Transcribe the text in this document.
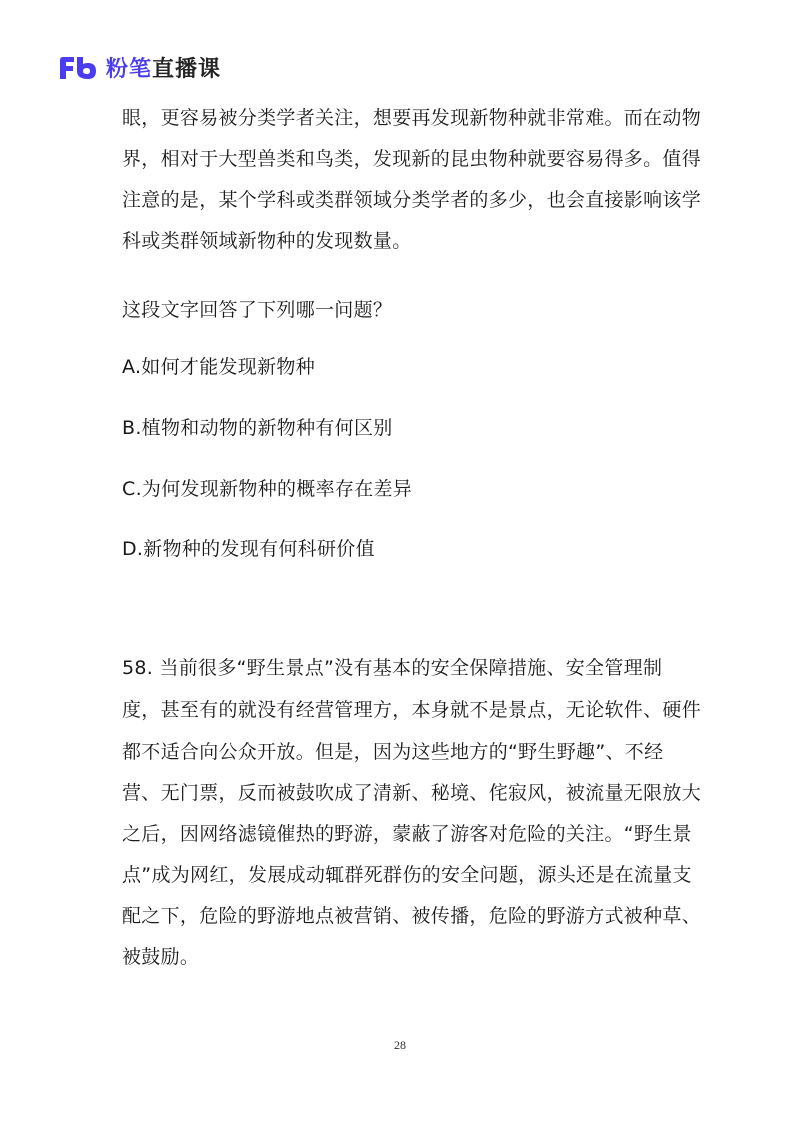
粉笔 直播课
眼，更容易被分类学者关注，想要再发现新物种就非常难。而在动物
界，相对于大型兽类和鸟类，发现新的昆虫物种就要容易得多。值得
注意的是，某个学科或类群领域分类学者的多少，也会直接影响该学
科或类群领域新物种的发现数量。
这段文字回答了下列哪一问题？
A.如何才能发现新物种
B.植物和动物的新物种有何区别
C.为何发现新物种的概率存在差异
D.新物种的发现有何科研价值
58. 当前很多“野生景点”没有基本的安全保障措施、安全管理制
度，甚至有的就没有经营管理方，本身就不是景点，无论软件、硬件
都不适合向公众开放。但是，因为这些地方的“野生野趣”、不经
营、无门票，反而被鼓吹成了清新、秘境、侘寂风，被流量无限放大
之后，因网络滤镜催热的野游，蒙蔽了游客对危险的关注。“野生景
点”成为网红，发展成动辄群死群伤的安全问题，源头还是在流量支
配之下，危险的野游地点被营销、被传播，危险的野游方式被种草、
被鼓励。
28
